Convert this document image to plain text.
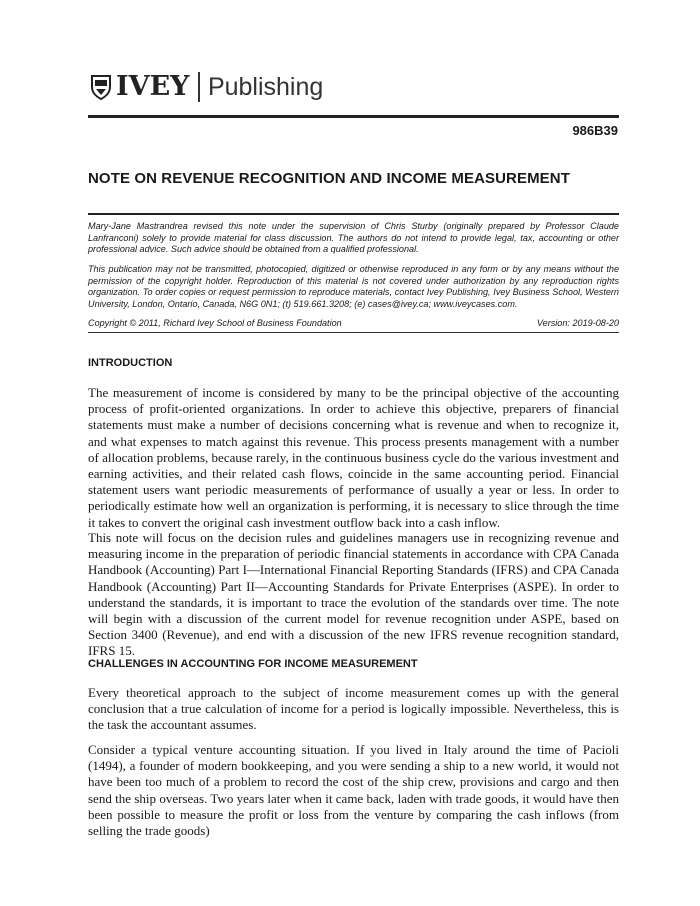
IVEY Publishing
986B39
NOTE ON REVENUE RECOGNITION AND INCOME MEASUREMENT

Mary-Jane Mastrandrea revised this note under the supervision of Chris Sturby (originally prepared by Professor Claude Lanfranconi) solely to provide material for class discussion. The authors do not intend to provide legal, tax, accounting or other professional advice. Such advice should be obtained from a qualified professional.

This publication may not be transmitted, photocopied, digitized or otherwise reproduced in any form or by any means without the permission of the copyright holder. Reproduction of this material is not covered under authorization by any reproduction rights organization. To order copies or request permission to reproduce materials, contact Ivey Publishing, Ivey Business School, Western University, London, Ontario, Canada, N6G 0N1; (t) 519.661.3208; (e) cases@ivey.ca; www.iveycases.com.

Copyright © 2011, Richard Ivey School of Business Foundation	Version: 2019-08-20
INTRODUCTION

The measurement of income is considered by many to be the principal objective of the accounting process of profit-oriented organizations. In order to achieve this objective, preparers of financial statements must make a number of decisions concerning what is revenue and when to recognize it, and what expenses to match against this revenue. This process presents management with a number of allocation problems, because rarely, in the continuous business cycle do the various investment and earning activities, and their related cash flows, coincide in the same accounting period. Financial statement users want periodic measurements of performance of usually a year or less. In order to periodically estimate how well an organization is performing, it is necessary to slice through the time it takes to convert the original cash investment outflow back into a cash inflow.

This note will focus on the decision rules and guidelines managers use in recognizing revenue and measuring income in the preparation of periodic financial statements in accordance with CPA Canada Handbook (Accounting) Part I—International Financial Reporting Standards (IFRS) and CPA Canada Handbook (Accounting) Part II—Accounting Standards for Private Enterprises (ASPE). In order to understand the standards, it is important to trace the evolution of the standards over time. The note will begin with a discussion of the current model for revenue recognition under ASPE, based on Section 3400 (Revenue), and end with a discussion of the new IFRS revenue recognition standard, IFRS 15.

CHALLENGES IN ACCOUNTING FOR INCOME MEASUREMENT

Every theoretical approach to the subject of income measurement comes up with the general conclusion that a true calculation of income for a period is logically impossible. Nevertheless, this is the task the accountant assumes.

Consider a typical venture accounting situation. If you lived in Italy around the time of Pacioli (1494), a founder of modern bookkeeping, and you were sending a ship to a new world, it would not have been too much of a problem to record the cost of the ship crew, provisions and cargo and then send the ship overseas. Two years later when it came back, laden with trade goods, it would have then been possible to measure the profit or loss from the venture by comparing the cash inflows (from selling the trade goods)
